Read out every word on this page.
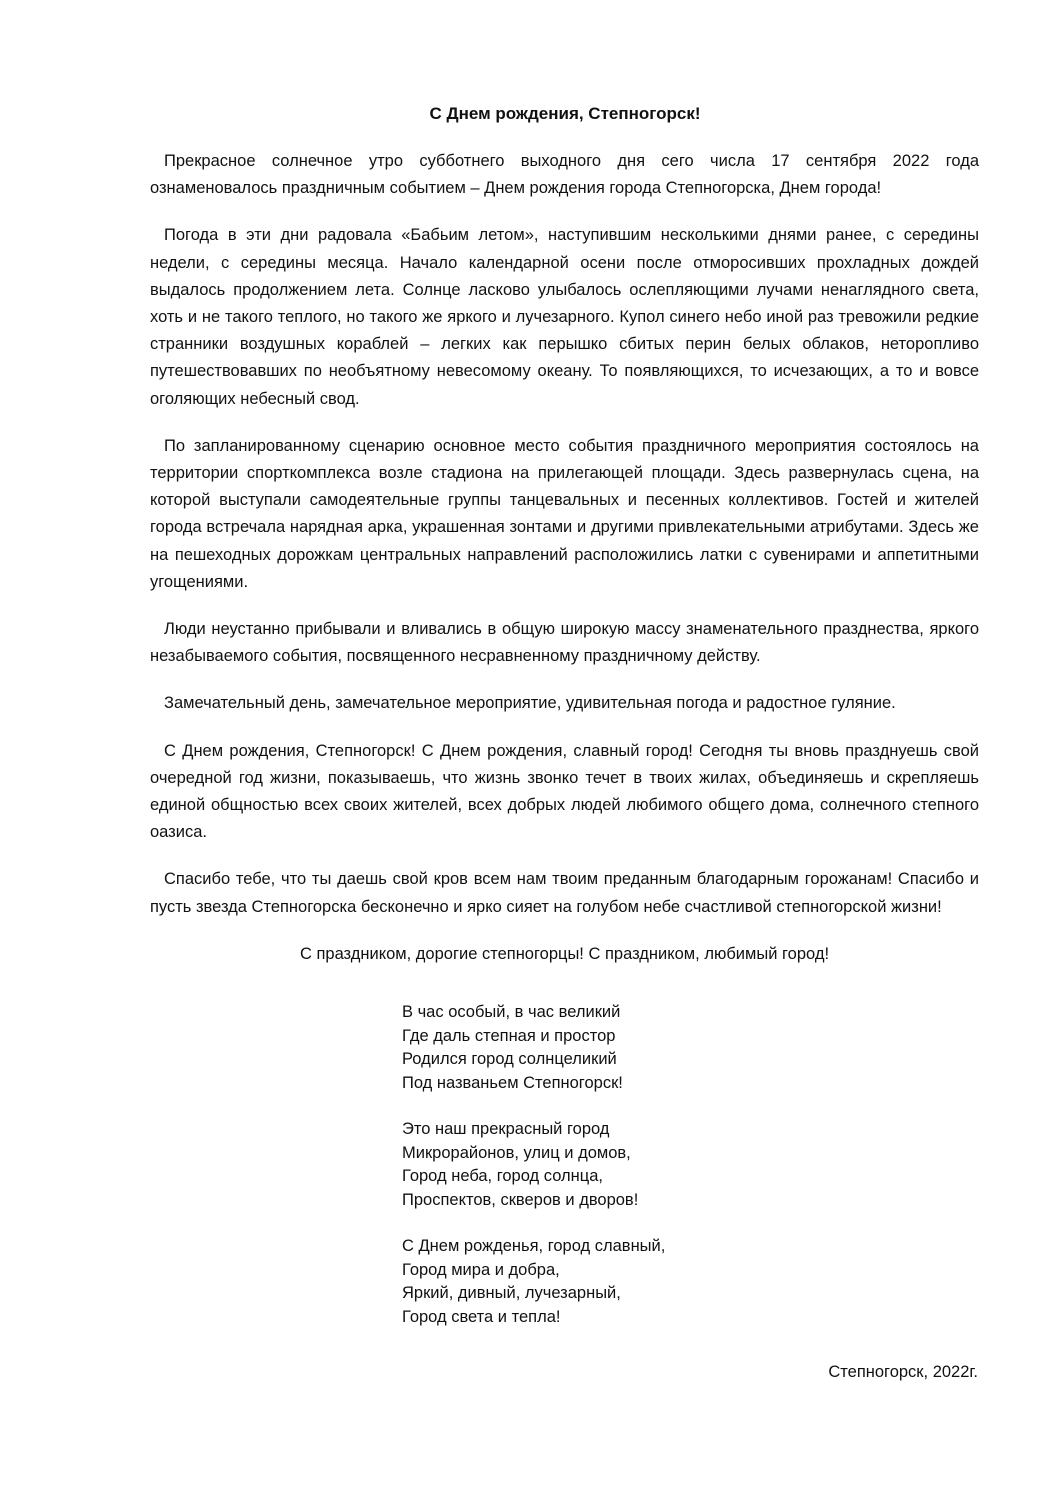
С Днем рождения, Степногорск!

Прекрасное солнечное утро субботнего выходного дня сего числа 17 сентября 2022 года ознаменовалось праздничным событием – Днем рождения города Степногорска, Днем города!

Погода в эти дни радовала «Бабьим летом», наступившим несколькими днями ранее, с середины недели, с середины месяца. Начало календарной осени после отморосивших прохладных дождей выдалось продолжением лета. Солнце ласково улыбалось ослепляющими лучами ненаглядного света, хоть и не такого теплого, но такого же яркого и лучезарного. Купол синего небо иной раз тревожили редкие странники воздушных кораблей – легких как перышко сбитых перин белых облаков, неторопливо путешествовавших по необъятному невесомому океану. То появляющихся, то исчезающих, а то и вовсе оголяющих небесный свод.

По запланированному сценарию основное место события праздничного мероприятия состоялось на территории спорткомплекса возле стадиона на прилегающей площади. Здесь развернулась сцена, на которой выступали самодеятельные группы танцевальных и песенных коллективов. Гостей и жителей города встречала нарядная арка, украшенная зонтами и другими привлекательными атрибутами. Здесь же на пешеходных дорожкам центральных направлений расположились латки с сувенирами и аппетитными угощениями.

Люди неустанно прибывали и вливались в общую широкую массу знаменательного празднества, яркого незабываемого события, посвященного несравненному праздничному действу.

Замечательный день, замечательное мероприятие, удивительная погода и радостное гуляние.

С Днем рождения, Степногорск! С Днем рождения, славный город! Сегодня ты вновь празднуешь свой очередной год жизни, показываешь, что жизнь звонко течет в твоих жилах, объединяешь и скрепляешь единой общностью всех своих жителей, всех добрых людей любимого общего дома, солнечного степного оазиса.

Спасибо тебе, что ты даешь свой кров всем нам твоим преданным благодарным горожанам! Спасибо и пусть звезда Степногорска бесконечно и ярко сияет на голубом небе счастливой степногорской жизни!

С праздником, дорогие степногорцы! С праздником, любимый город!

В час особый, в час великий
Где даль степная и простор
Родился город солнцеликий
Под названьем Степногорск!
Это наш прекрасный город
Микрорайонов, улиц и домов,
Город неба, город солнца,
Проспектов, скверов и дворов!
С Днем рожденья, город славный,
Город мира и добра,
Яркий, дивный, лучезарный,
Город света и тепла!
Степногорск, 2022г.
